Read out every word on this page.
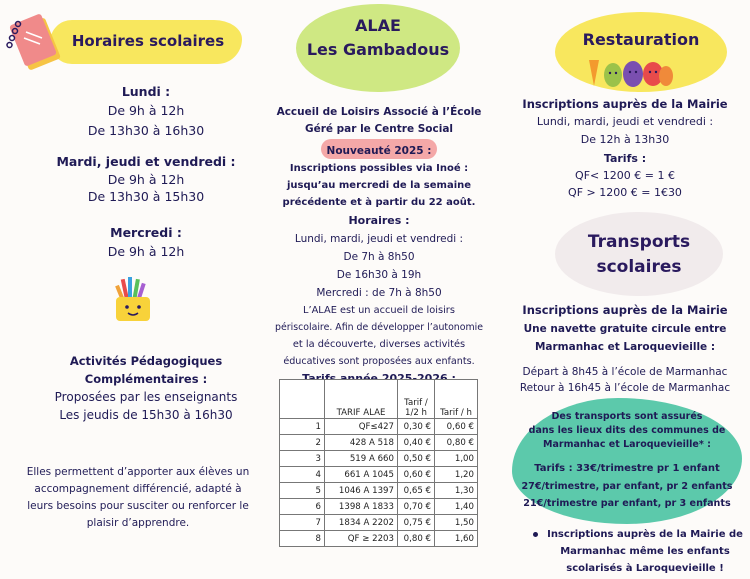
Horaires scolaires
Lundi :
De 9h à 12h
De 13h30 à 16h30
Mardi, jeudi et vendredi :
De 9h à 12h
De 13h30 à 15h30
Mercredi :
De 9h à 12h
Activités Pédagogiques
Complémentaires :
Proposées par les enseignants
Les jeudis de 15h30 à 16h30
Elles permettent d’apporter aux élèves un accompagnement différencié, adapté à leurs besoins pour susciter ou renforcer le plaisir d’apprendre.
ALAE
Les Gambadous
Accueil de Loisirs Associé à l’École
Géré par le Centre Social
Nouveauté 2025 :
Inscriptions possibles via Inoé :
jusqu’au mercredi de la semaine
précédente et à partir du 22 août.
Horaires :
Lundi, mardi, jeudi et vendredi :
De 7h à 8h50
De 16h30 à 19h
Mercredi : de 7h à 8h50
L’ALAE est un accueil de loisirs
périscolaire. Afin de développer l’autonomie
et la découverte, diverses activités
éducatives sont proposées aux enfants.
	TARIF ALAE	Tarif / 1/2 h	Tarif / h
1	QF≤427	0,30 €	0,60 €
2	428 A 518	0,40 €	0,80 €
3	519 A 660	0,50 €	1,00
4	661 A 1045	0,60 €	1,20
5	1046 A 1397	0,65 €	1,30
6	1398 A 1833	0,70 €	1,40
7	1834 A 2202	0,75 €	1,50
8	QF ≥ 2203	0,80 €	1,60
Restauration
Inscriptions auprès de la Mairie
Lundi, mardi, jeudi et vendredi :
De 12h à 13h30
Tarifs :
QF< 1200 € = 1 €
QF > 1200 € = 1€30
Transports
scolaires
Inscriptions auprès de la Mairie
Une navette gratuite circule entre
Marmanhac et Laroquevieille :
Départ à 8h45 à l’école de Marmanhac
Retour à 16h45 à l’école de Marmanhac
Des transports sont assurés
dans les lieux dits des communes de
Marmanhac et Laroquevieille* :
Tarifs : 33€/trimestre pr 1 enfant
27€/trimestre, par enfant, pr 2 enfants
21€/trimestre par enfant, pr 3 enfants
Inscriptions auprès de la Mairie de
Marmanhac même les enfants
scolarisés à Laroquevieille !
